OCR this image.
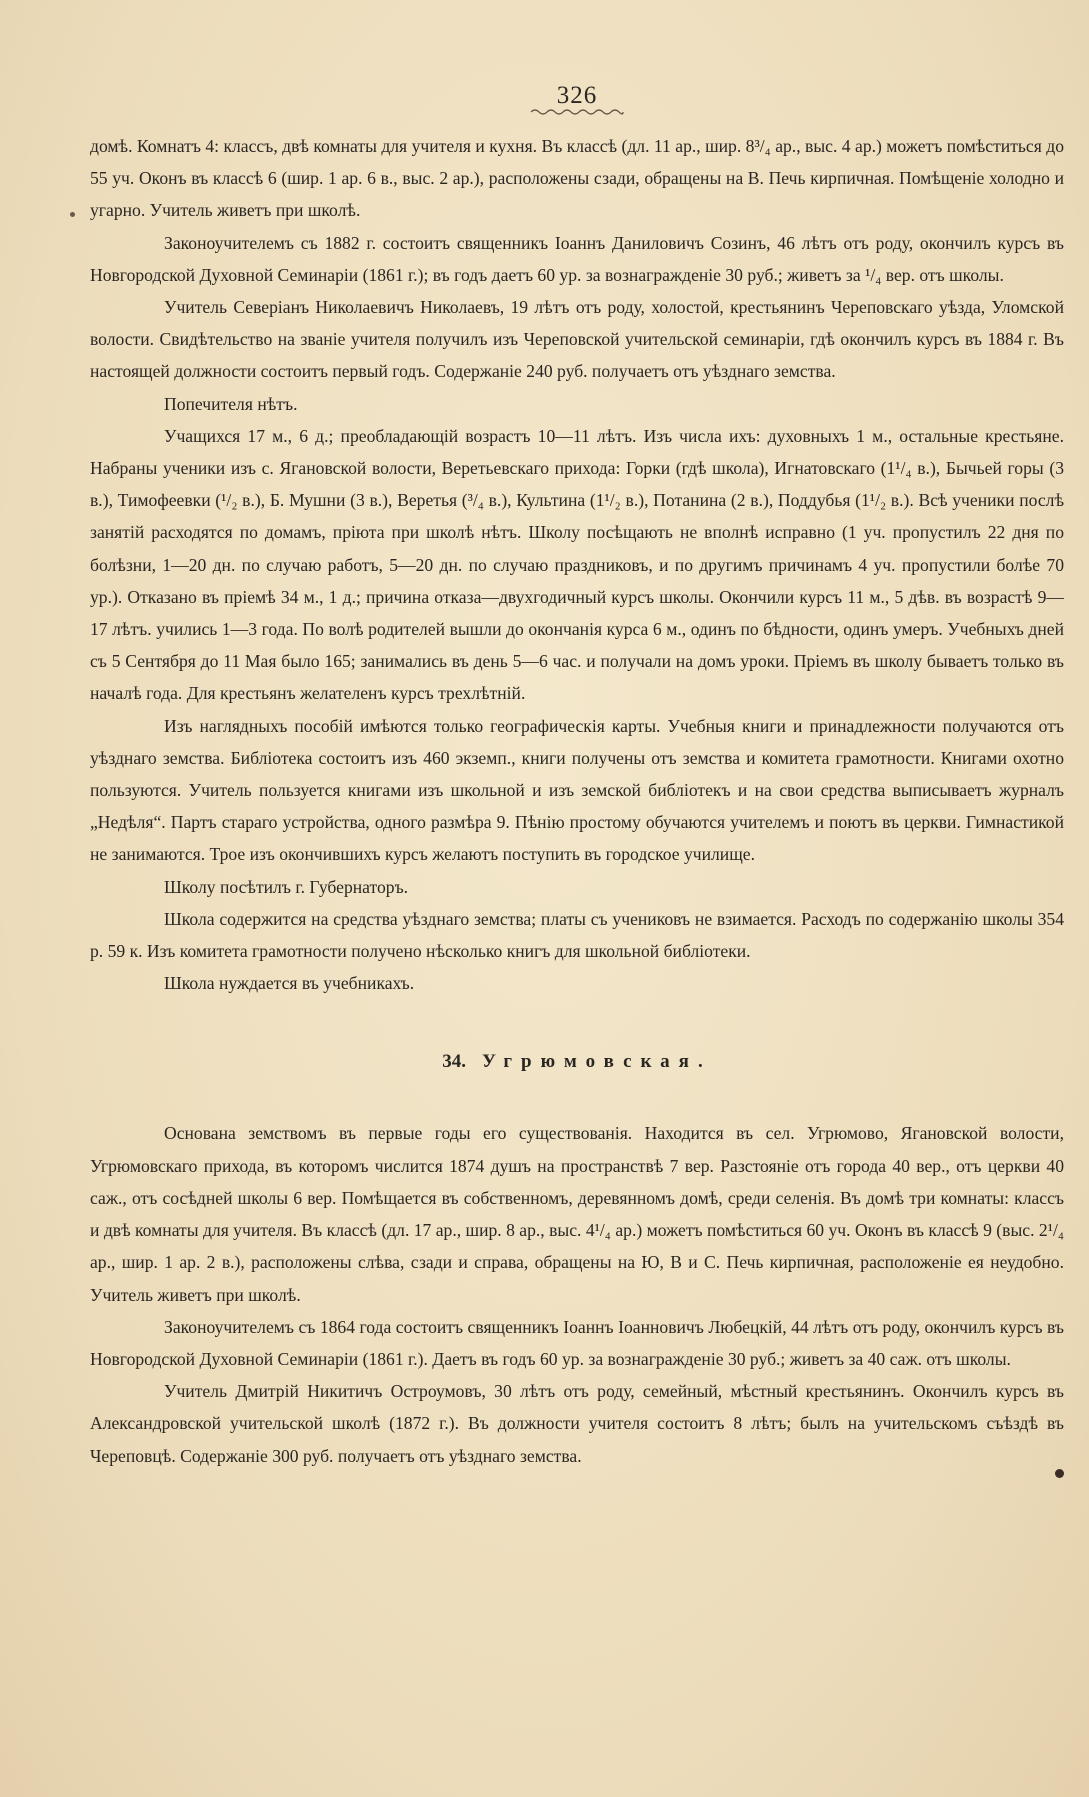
326

домѣ. Комнатъ 4: классъ, двѣ комнаты для учителя и кухня. Въ классѣ (дл. 11 ар., шир. 8³/₄ ар., выс. 4 ар.) можетъ помѣститься до 55 уч. Оконъ въ классѣ 6 (шир. 1 ар. 6 в., выс. 2 ар.), расположены сзади, обращены на В. Печь кирпичная. Помѣщеніе холодно и угарно. Учитель живетъ при школѣ.

Законоучителемъ съ 1882 г. состоитъ священникъ Іоаннъ Даниловичъ Созинъ, 46 лѣтъ отъ роду, окончилъ курсъ въ Новгородской Духовной Семинаріи (1861 г.); въ годъ даетъ 60 ур. за вознагражденіе 30 руб.; живетъ за ¹/₄ вер. отъ школы.

Учитель Северіанъ Николаевичъ Николаевъ, 19 лѣтъ отъ роду, холостой, крестьянинъ Череповскаго уѣзда, Уломской волости. Свидѣтельство на званіе учителя получилъ изъ Череповской учительской семинаріи, гдѣ окончилъ курсъ въ 1884 г. Въ настоящей должности состоитъ первый годъ. Содержаніе 240 руб. получаетъ отъ уѣзднаго земства.

Попечителя нѣтъ.

Учащихся 17 м., 6 д.; преобладающій возрастъ 10—11 лѣтъ. Изъ числа ихъ: духовныхъ 1 м., остальные крестьяне. Набраны ученики изъ с. Ягановской волости, Веретьевскаго прихода: Горки (гдѣ школа), Игнатовскаго (1¹/₄ в.), Бычьей горы (3 в.), Тимофеевки (¹/₂ в.), Б. Мушни (3 в.), Веретья (³/₄ в.), Культина (1¹/₂ в.), Потанина (2 в.), Поддубья (1¹/₂ в.). Всѣ ученики послѣ занятій расходятся по домамъ, пріюта при школѣ нѣтъ. Школу посѣщають не вполнѣ исправно (1 уч. пропустилъ 22 дня по болѣзни, 1—20 дн. по случаю работъ, 5—20 дн. по случаю праздниковъ, и по другимъ причинамъ 4 уч. пропустили болѣе 70 ур.). Отказано въ пріемѣ 34 м., 1 д.; причина отказа—двухгодичный курсъ школы. Окончили курсъ 11 м., 5 дѣв. въ возрастѣ 9—17 лѣтъ. учились 1—3 года. По волѣ родителей вышли до окончанія курса 6 м., одинъ по бѣдности, одинъ умеръ. Учебныхъ дней съ 5 Сентября до 11 Мая было 165; занимались въ день 5—6 час. и получали на домъ уроки. Пріемъ въ школу бываетъ только въ началѣ года. Для крестьянъ желателенъ курсъ трехлѣтній.

Изъ наглядныхъ пособій имѣются только географическія карты. Учебныя книги и принадлежности получаются отъ уѣзднаго земства. Библіотека состоитъ изъ 460 экземп., книги получены отъ земства и комитета грамотности. Книгами охотно пользуются. Учитель пользуется книгами изъ школьной и изъ земской библіотекъ и на свои средства выписываетъ журналъ „Недѣля“. Партъ стараго устройства, одного размѣра 9. Пѣнію простому обучаются учителемъ и поютъ въ церкви. Гимнастикой не занимаются. Трое изъ окончившихъ курсъ желаютъ поступить въ городское училище.

Школу посѣтилъ г. Губернаторъ.

Школа содержится на средства уѣзднаго земства; платы съ учениковъ не взимается. Расходъ по содержанію школы 354 р. 59 к. Изъ комитета грамотности получено нѣсколько книгъ для школьной библіотеки.

Школа нуждается въ учебникахъ.

34. Угрюмовская.

Основана земствомъ въ первые годы его существованія. Находится въ сел. Угрюмово, Ягановской волости, Угрюмовскаго прихода, въ которомъ числится 1874 душъ на пространствѣ 7 вер. Разстояніе отъ города 40 вер., отъ церкви 40 саж., отъ сосѣдней школы 6 вер. Помѣщается въ собственномъ, деревянномъ домѣ, среди селенія. Въ домѣ три комнаты: классъ и двѣ комнаты для учителя. Въ классѣ (дл. 17 ар., шир. 8 ар., выс. 4¹/₄ ар.) можетъ помѣститься 60 уч. Оконъ въ классѣ 9 (выс. 2¹/₄ ар., шир. 1 ар. 2 в.), расположены слѣва, сзади и справа, обращены на Ю, В и С. Печь кирпичная, расположеніе ея неудобно. Учитель живетъ при школѣ.

Законоучителемъ съ 1864 года состоитъ священникъ Іоаннъ Іоанновичъ Любецкій, 44 лѣтъ отъ роду, окончилъ курсъ въ Новгородской Духовной Семинаріи (1861 г.). Даетъ въ годъ 60 ур. за вознагражденіе 30 руб.; живетъ за 40 саж. отъ школы.

Учитель Дмитрій Никитичъ Остроумовъ, 30 лѣтъ отъ роду, семейный, мѣстный крестьянинъ. Окончилъ курсъ въ Александровской учительской школѣ (1872 г.). Въ должности учителя состоитъ 8 лѣтъ; былъ на учительскомъ съѣздѣ въ Череповцѣ. Содержаніе 300 руб. получаетъ отъ уѣзднаго земства.
